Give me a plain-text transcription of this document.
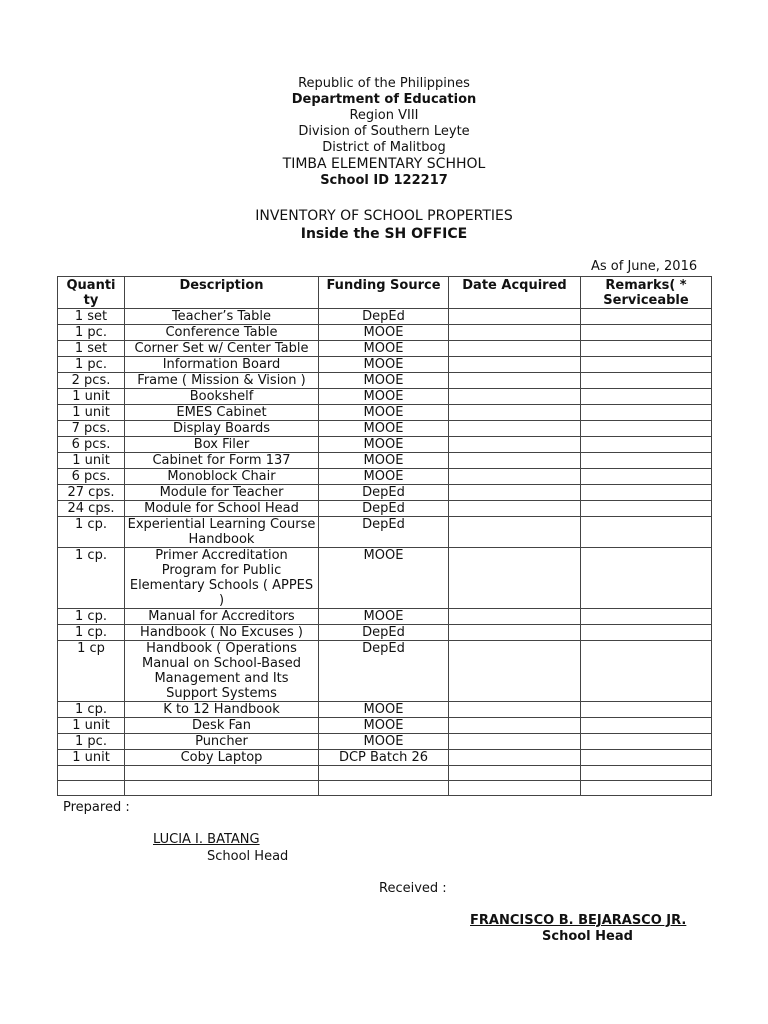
Republic of the Philippines
Department of Education
Region VIII
Division of Southern Leyte
District of Malitbog
TIMBA ELEMENTARY SCHHOL
School ID 122217
INVENTORY OF SCHOOL PROPERTIES
Inside the SH OFFICE
As of June, 2016
Quanti ty	Description	Funding Source	Date Acquired	Remarks( * Serviceable
1 set	Teacher’s Table	DepEd		
1 pc.	Conference Table	MOOE		
1 set	Corner Set w/ Center Table	MOOE		
1 pc.	Information Board	MOOE		
2 pcs.	Frame ( Mission & Vision )	MOOE		
1 unit	Bookshelf	MOOE		
1 unit	EMES Cabinet	MOOE		
7 pcs.	Display Boards	MOOE		
6 pcs.	Box Filer	MOOE		
1 unit	Cabinet for Form 137	MOOE		
6 pcs.	Monoblock Chair	MOOE		
27 cps.	Module for Teacher	DepEd		
24 cps.	Module for School Head	DepEd		
1 cp.	Experiential Learning Course Handbook	DepEd		
1 cp.	Primer Accreditation Program for Public Elementary Schools ( APPES )	MOOE		
1 cp.	Manual for Accreditors	MOOE		
1 cp.	Handbook ( No Excuses )	DepEd		
1 cp	Handbook ( Operations Manual on School-Based Management and Its Support Systems	DepEd		
1 cp.	K to 12 Handbook	MOOE		
1 unit	Desk Fan	MOOE		
1 pc.	Puncher	MOOE		
1 unit	Coby Laptop	DCP Batch 26		

Prepared :
LUCIA I. BATANG
School Head
Received :
FRANCISCO B. BEJARASCO JR.
School Head
